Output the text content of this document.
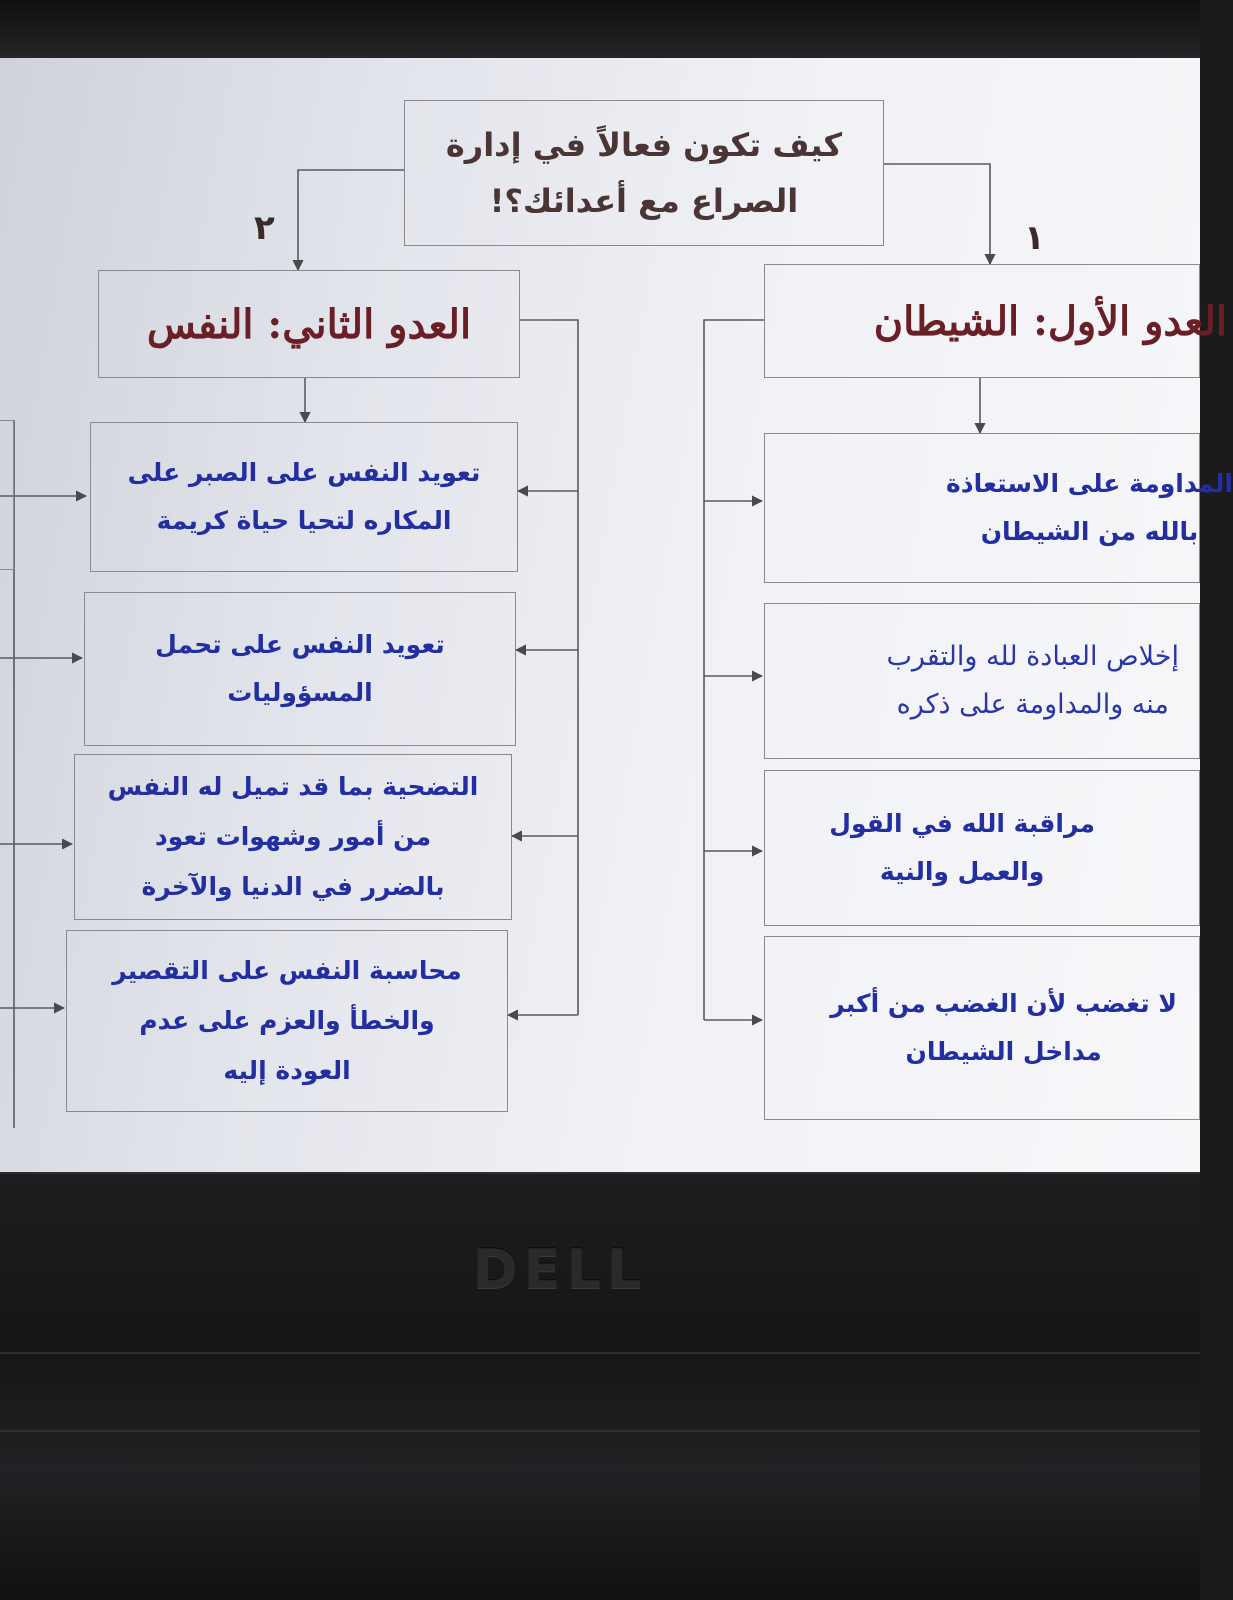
كيف تكون فعالاً في إدارة
الصراع مع أعدائك؟!
١
٢
العدو الأول: الشيطان
العدو الثاني: النفس
المداومة على الاستعاذة
بالله من الشيطان
إخلاص العبادة لله والتقرب
منه والمداومة على ذكره
مراقبة الله في القول
والعمل والنية
لا تغضب لأن الغضب من أكبر
مداخل الشيطان
تعويد النفس على الصبر على
المكاره لتحيا حياة كريمة
تعويد النفس على تحمل
المسؤوليات
التضحية بما قد تميل له النفس
من أمور وشهوات تعود
بالضرر في الدنيا والآخرة
محاسبة النفس على التقصير
والخطأ والعزم على عدم
العودة إليه
DELL
